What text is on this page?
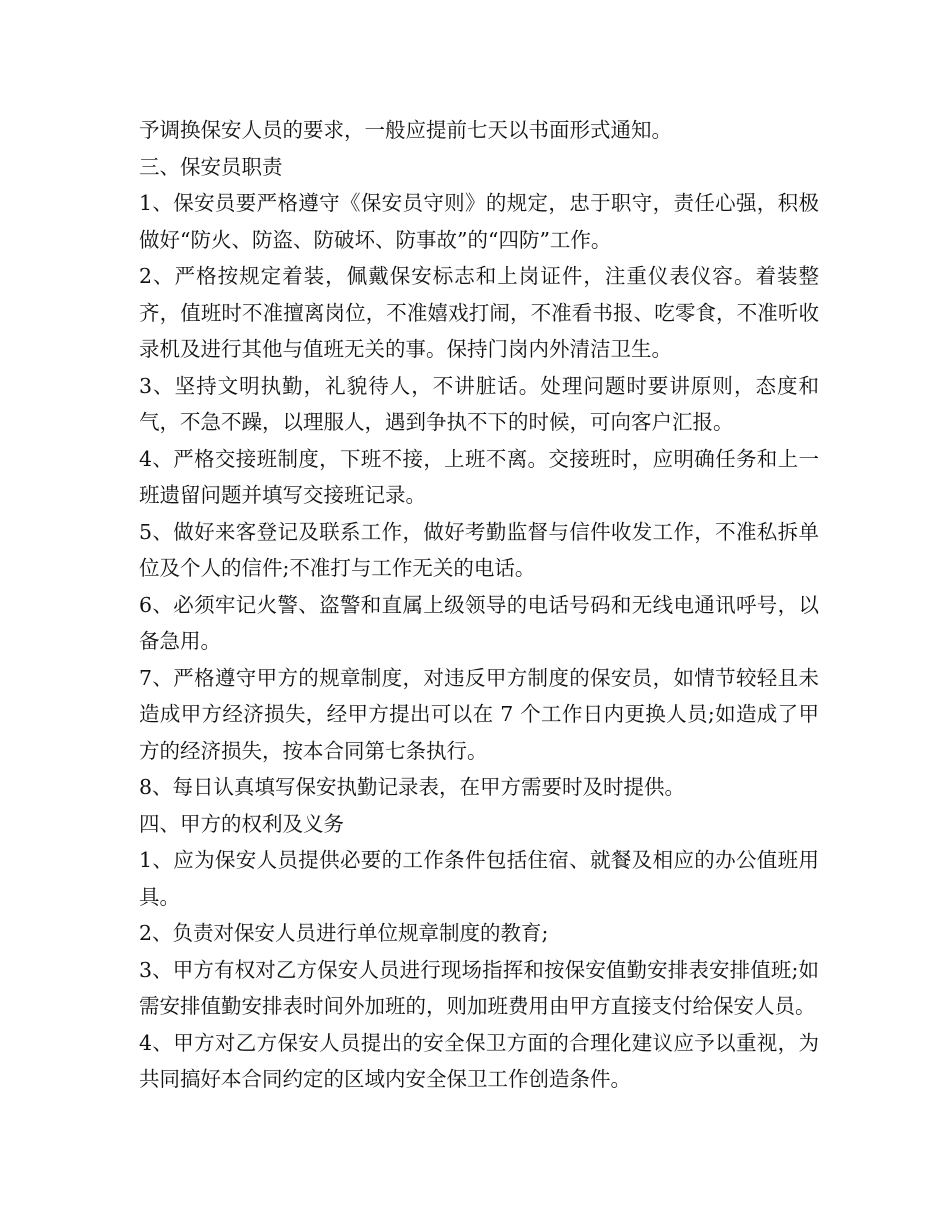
予调换保安人员的要求，一般应提前七天以书面形式通知。

三、保安员职责

1、保安员要严格遵守《保安员守则》的规定，忠于职守，责任心强，积极做好“防火、防盗、防破坏、防事故”的“四防”工作。

2、严格按规定着装，佩戴保安标志和上岗证件，注重仪表仪容。着装整齐，值班时不准擅离岗位，不准嬉戏打闹，不准看书报、吃零食，不准听收录机及进行其他与值班无关的事。保持门岗内外清洁卫生。

3、坚持文明执勤，礼貌待人，不讲脏话。处理问题时要讲原则，态度和气，不急不躁，以理服人，遇到争执不下的时候，可向客户汇报。

4、严格交接班制度，下班不接，上班不离。交接班时，应明确任务和上一班遗留问题并填写交接班记录。

5、做好来客登记及联系工作，做好考勤监督与信件收发工作，不准私拆单位及个人的信件;不准打与工作无关的电话。

6、必须牢记火警、盗警和直属上级领导的电话号码和无线电通讯呼号，以备急用。

7、严格遵守甲方的规章制度，对违反甲方制度的保安员，如情节较轻且未造成甲方经济损失，经甲方提出可以在 7 个工作日内更换人员;如造成了甲方的经济损失，按本合同第七条执行。

8、每日认真填写保安执勤记录表，在甲方需要时及时提供。

四、甲方的权利及义务

1、应为保安人员提供必要的工作条件包括住宿、就餐及相应的办公值班用具。

2、负责对保安人员进行单位规章制度的教育;

3、甲方有权对乙方保安人员进行现场指挥和按保安值勤安排表安排值班;如需安排值勤安排表时间外加班的，则加班费用由甲方直接支付给保安人员。

4、甲方对乙方保安人员提出的安全保卫方面的合理化建议应予以重视，为共同搞好本合同约定的区域内安全保卫工作创造条件。
